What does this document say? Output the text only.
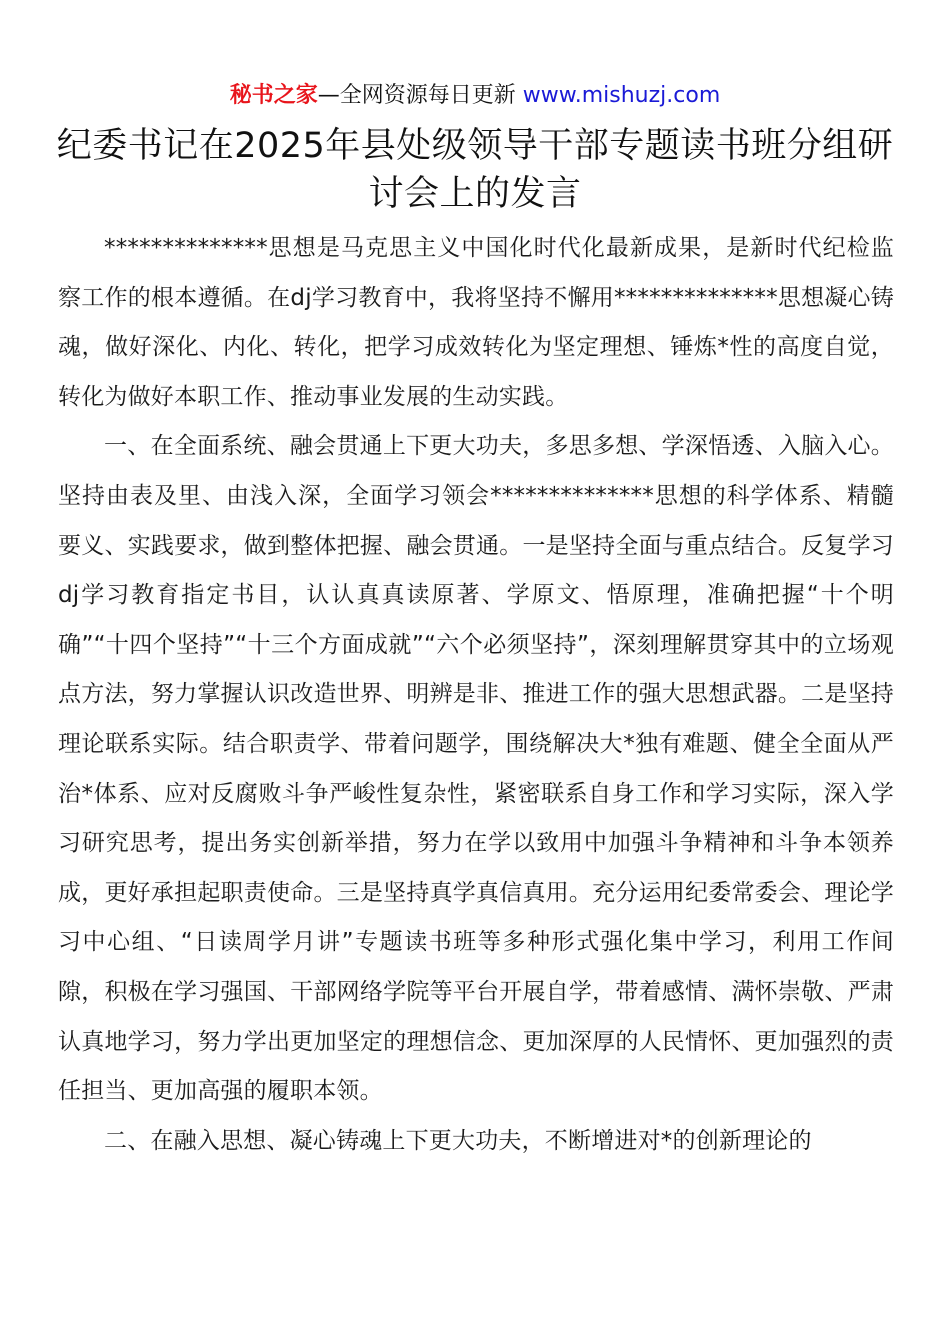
秘书之家—全网资源每日更新 www.mishuzj.com
纪委书记在2025年县处级领导干部专题读书班分组研讨会上的发言

**************思想是马克思主义中国化时代化最新成果，是新时代纪检监察工作的根本遵循。在dj学习教育中，我将坚持不懈用**************思想凝心铸魂，做好深化、内化、转化，把学习成效转化为坚定理想、锤炼*性的高度自觉，转化为做好本职工作、推动事业发展的生动实践。

一、在全面系统、融会贯通上下更大功夫，多思多想、学深悟透、入脑入心。坚持由表及里、由浅入深，全面学习领会**************思想的科学体系、精髓要义、实践要求，做到整体把握、融会贯通。一是坚持全面与重点结合。反复学习dj学习教育指定书目，认认真真读原著、学原文、悟原理，准确把握“十个明确”“十四个坚持”“十三个方面成就”“六个必须坚持”，深刻理解贯穿其中的立场观点方法，努力掌握认识改造世界、明辨是非、推进工作的强大思想武器。二是坚持理论联系实际。结合职责学、带着问题学，围绕解决大*独有难题、健全全面从严治*体系、应对反腐败斗争严峻性复杂性，紧密联系自身工作和学习实际，深入学习研究思考，提出务实创新举措，努力在学以致用中加强斗争精神和斗争本领养成，更好承担起职责使命。三是坚持真学真信真用。充分运用纪委常委会、理论学习中心组、“日读周学月讲”专题读书班等多种形式强化集中学习，利用工作间隙，积极在学习强国、干部网络学院等平台开展自学，带着感情、满怀崇敬、严肃认真地学习，努力学出更加坚定的理想信念、更加深厚的人民情怀、更加强烈的责任担当、更加高强的履职本领。

二、在融入思想、凝心铸魂上下更大功夫，不断增进对*的创新理论的
